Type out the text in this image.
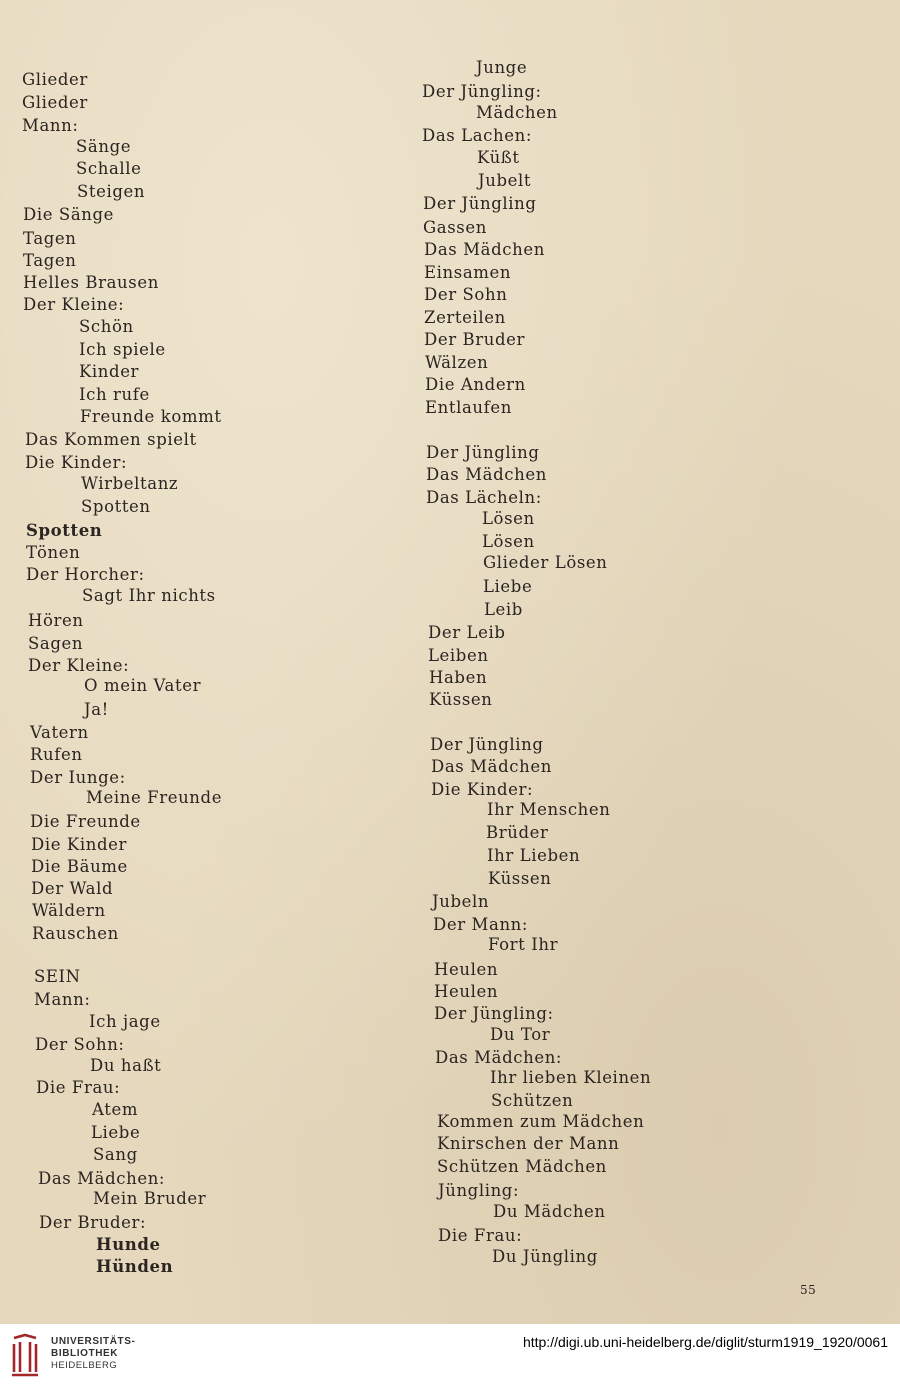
Glieder
Glieder
Mann:
Sänge
Schalle
Steigen
Die Sänge
Tagen
Tagen
Helles Brausen
Der Kleine:
Schön
Ich spiele
Kinder
Ich rufe
Freunde kommt
Das Kommen spielt
Die Kinder:
Wirbeltanz
Spotten
Spotten
Tönen
Der Horcher:
Sagt Ihr nichts
Hören
Sagen
Der Kleine:
O mein Vater
Ja!
Vatern
Rufen
Der Iunge:
Meine Freunde
Die Freunde
Die Kinder
Die Bäume
Der Wald
Wäldern
Rauschen
SEIN
Mann:
Ich jage
Der Sohn:
Du haßt
Die Frau:
Atem
Liebe
Sang
Das Mädchen:
Mein Bruder
Der Bruder:
Hunde
Hünden
Junge
Der Jüngling:
Mädchen
Das Lachen:
Küßt
Jubelt
Der Jüngling
Gassen
Das Mädchen
Einsamen
Der Sohn
Zerteilen
Der Bruder
Wälzen
Die Andern
Entlaufen
Der Jüngling
Das Mädchen
Das Lächeln:
Lösen
Lösen
Glieder Lösen
Liebe
Leib
Der Leib
Leiben
Haben
Küssen
Der Jüngling
Das Mädchen
Die Kinder:
Ihr Menschen
Brüder
Ihr Lieben
Küssen
Jubeln
Der Mann:
Fort Ihr
Heulen
Heulen
Der Jüngling:
Du Tor
Das Mädchen:
Ihr lieben Kleinen
Schützen
Kommen zum Mädchen
Knirschen der Mann
Schützen Mädchen
Jüngling:
Du Mädchen
Die Frau:
Du Jüngling
55
UNIVERSITÄTS-
BIBLIOTHEK
HEIDELBERG
http://digi.ub.uni-heidelberg.de/diglit/sturm1919_1920/0061
